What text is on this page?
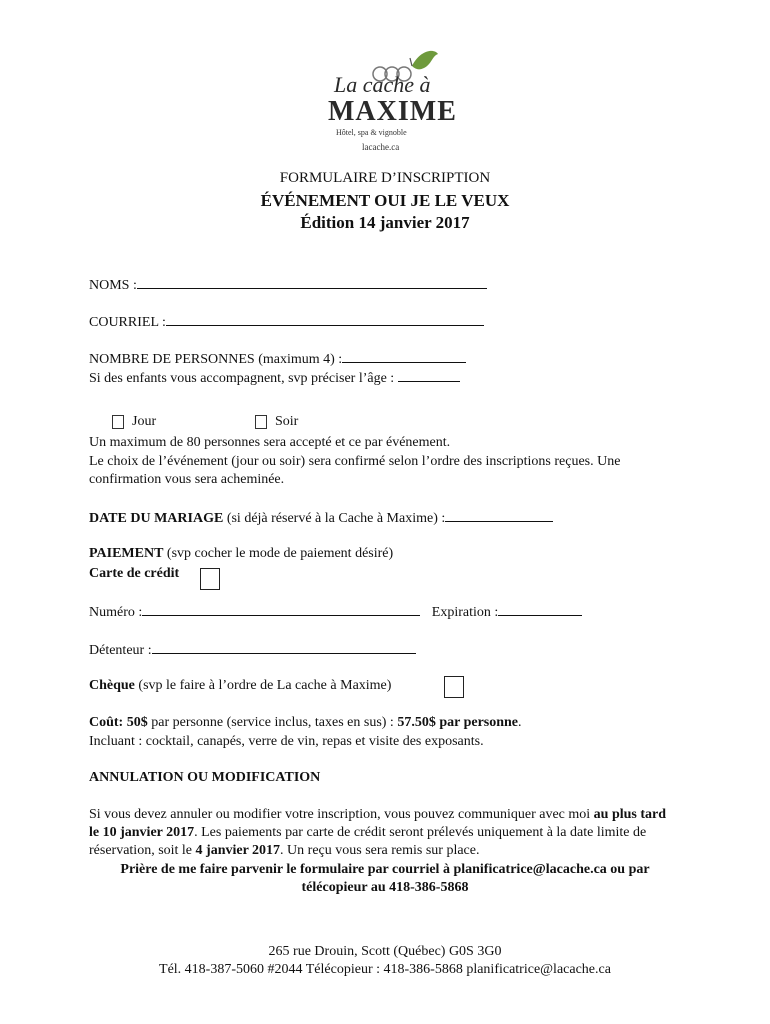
La cache à
MAXIME
Hôtel, spa & vignoble
lacache.ca
FORMULAIRE D’INSCRIPTION
ÉVÉNEMENT OUI JE LE VEUX
Édition 14 janvier 2017
NOMS :
COURRIEL :
NOMBRE DE PERSONNES (maximum 4) :
Si des enfants vous accompagnent, svp préciser l’âge :
Jour	Soir
Un maximum de 80 personnes sera accepté et ce par événement.
Le choix de l’événement (jour ou soir) sera confirmé selon l’ordre des inscriptions reçues. Une confirmation vous sera acheminée.
DATE DU MARIAGE (si déjà réservé à la Cache à Maxime) :
PAIEMENT (svp cocher le mode de paiement désiré)
Carte de crédit
Numéro :	Expiration :
Détenteur :
Chèque (svp le faire à l’ordre de La cache à Maxime)
Coût: 50$ par personne (service inclus, taxes en sus) : 57.50$ par personne.
Incluant : cocktail, canapés, verre de vin, repas et visite des exposants.
ANNULATION OU MODIFICATION
Si vous devez annuler ou modifier votre inscription, vous pouvez communiquer avec moi au plus tard le 10 janvier 2017. Les paiements par carte de crédit seront prélevés uniquement à la date limite de réservation, soit le 4 janvier 2017. Un reçu vous sera remis sur place.
Prière de me faire parvenir le formulaire par courriel à planificatrice@lacache.ca ou par
télécopieur au 418-386-5868
265 rue Drouin, Scott (Québec) G0S 3G0
Tél. 418-387-5060 #2044 Télécopieur : 418-386-5868 planificatrice@lacache.ca
